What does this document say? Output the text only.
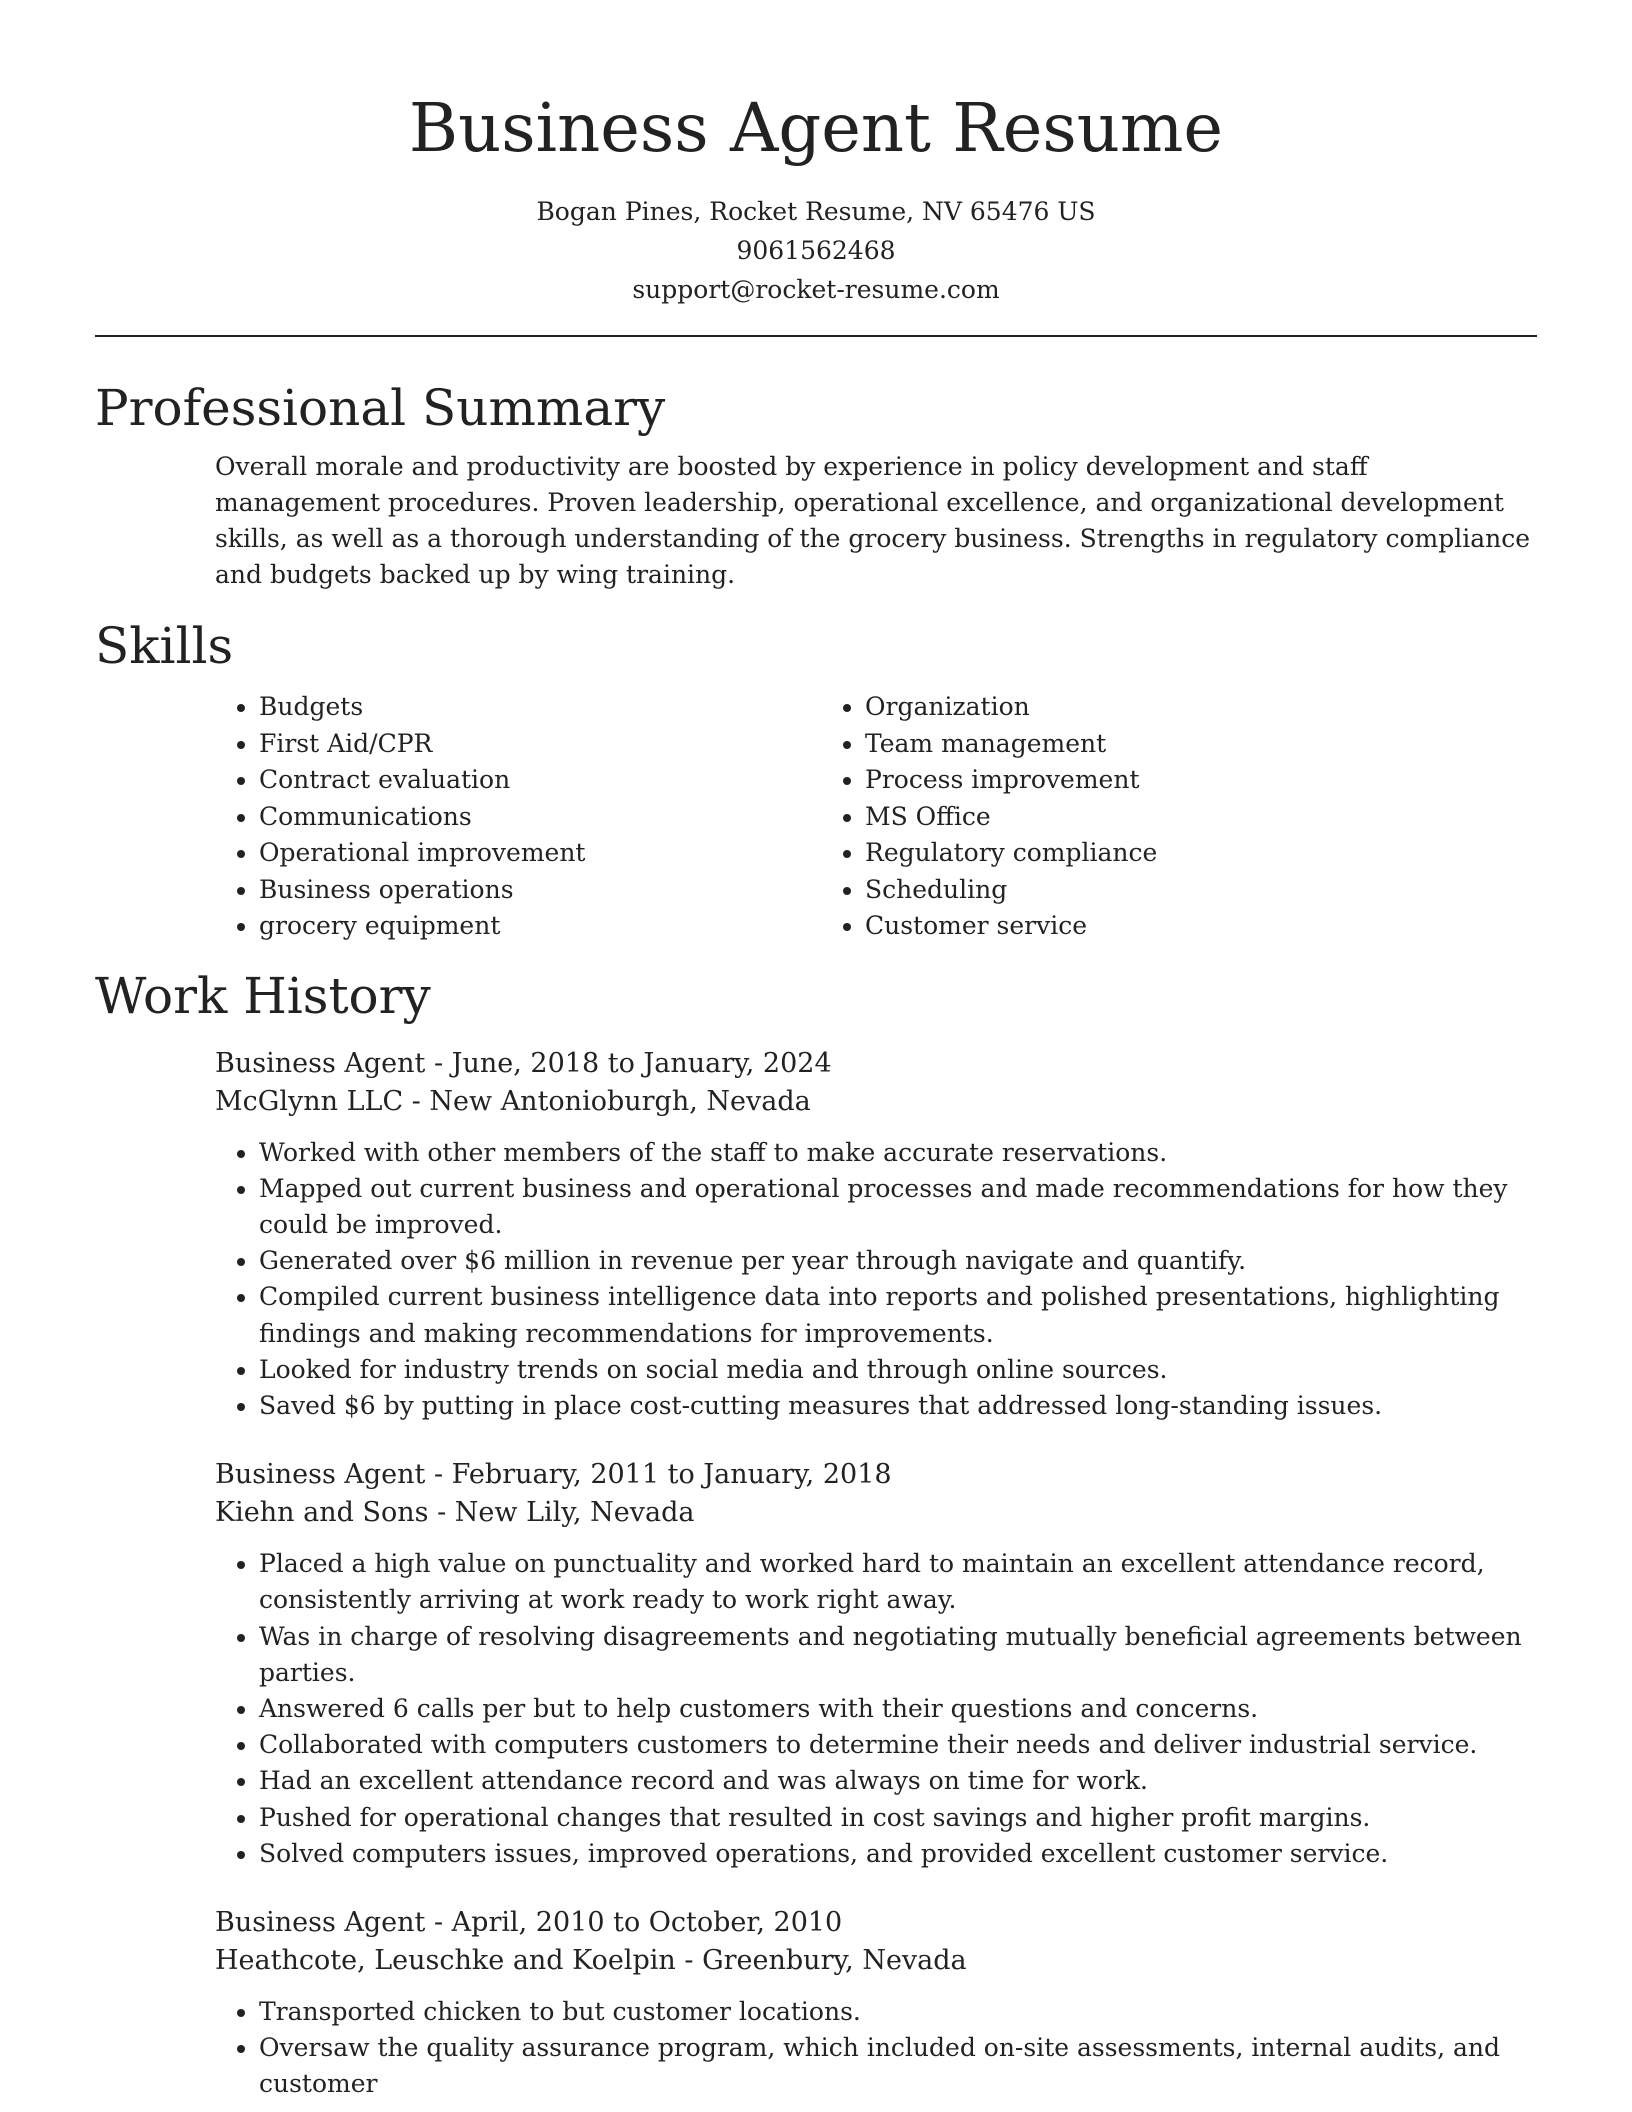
Business Agent Resume
Bogan Pines, Rocket Resume, NV 65476 US
9061562468
support@rocket-resume.com
Professional Summary

Overall morale and productivity are boosted by experience in policy development and staff management procedures. Proven leadership, operational excellence, and organizational development skills, as well as a thorough understanding of the grocery business. Strengths in regulatory compliance and budgets backed up by wing training.

Skills
• Budgets
• First Aid/CPR
• Contract evaluation
• Communications
• Operational improvement
• Business operations
• grocery equipment
• Organization
• Team management
• Process improvement
• MS Office
• Regulatory compliance
• Scheduling
• Customer service
Work History
Business Agent - June, 2018 to January, 2024
McGlynn LLC - New Antonioburgh, Nevada
• Worked with other members of the staff to make accurate reservations.
• Mapped out current business and operational processes and made recommendations for how they could be improved.
• Generated over $6 million in revenue per year through navigate and quantify.
• Compiled current business intelligence data into reports and polished presentations, highlighting findings and making recommendations for improvements.
• Looked for industry trends on social media and through online sources.
• Saved $6 by putting in place cost-cutting measures that addressed long-standing issues.
Business Agent - February, 2011 to January, 2018
Kiehn and Sons - New Lily, Nevada
• Placed a high value on punctuality and worked hard to maintain an excellent attendance record, consistently arriving at work ready to work right away.
• Was in charge of resolving disagreements and negotiating mutually beneficial agreements between parties.
• Answered 6 calls per but to help customers with their questions and concerns.
• Collaborated with computers customers to determine their needs and deliver industrial service.
• Had an excellent attendance record and was always on time for work.
• Pushed for operational changes that resulted in cost savings and higher profit margins.
• Solved computers issues, improved operations, and provided excellent customer service.
Business Agent - April, 2010 to October, 2010
Heathcote, Leuschke and Koelpin - Greenbury, Nevada
• Transported chicken to but customer locations.
• Oversaw the quality assurance program, which included on-site assessments, internal audits, and customer
